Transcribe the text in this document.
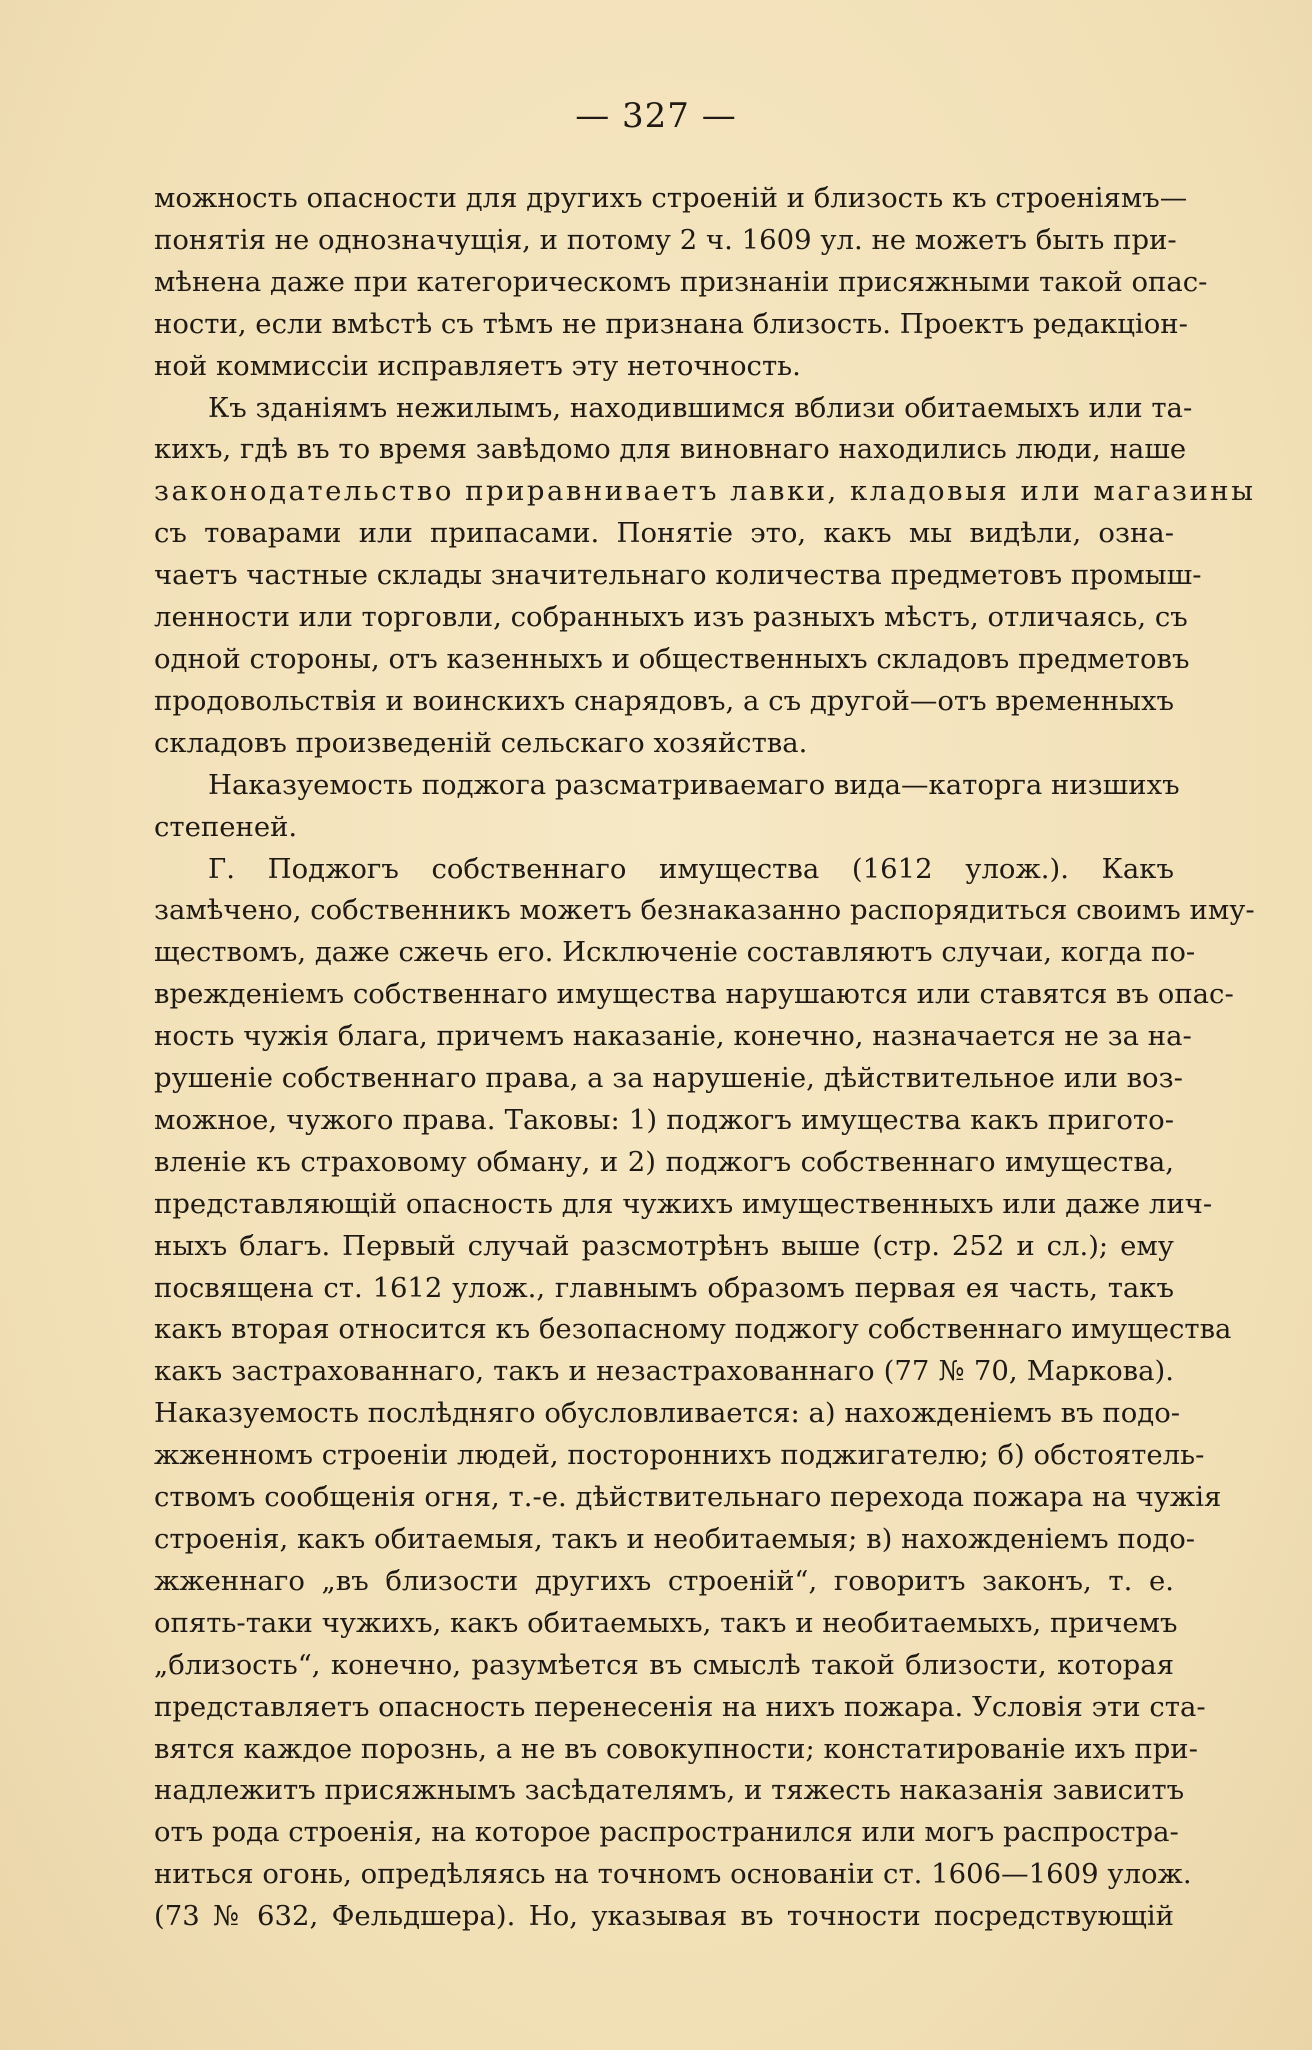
— 327 —

можность опасности для другихъ строеній и близость къ строеніямъ—
понятія не однозначущія, и потому 2 ч. 1609 ул. не можетъ быть при-
мѣнена даже при категорическомъ признаніи присяжными такой опас-
ности, если вмѣстѣ съ тѣмъ не признана близость. Проектъ редакціон-
ной коммиссіи исправляетъ эту неточность.

Къ зданіямъ нежилымъ, находившимся вблизи обитаемыхъ или та-
кихъ, гдѣ въ то время завѣдомо для виновнаго находились люди, наше
законодательство приравниваетъ лавки, кладовыя или магазины
съ товарами или припасами. Понятіе это, какъ мы видѣли, озна-
чаетъ частные склады значительнаго количества предметовъ промыш-
ленности или торговли, собранныхъ изъ разныхъ мѣстъ, отличаясь, съ
одной стороны, отъ казенныхъ и общественныхъ складовъ предметовъ
продовольствія и воинскихъ снарядовъ, а съ другой—отъ временныхъ
складовъ произведеній сельскаго хозяйства.

Наказуемость поджога разсматриваемаго вида—каторга низшихъ
степеней.

Г. Поджогъ собственнаго имущества (1612 улож.). Какъ
замѣчено, собственникъ можетъ безнаказанно распорядиться своимъ иму-
ществомъ, даже сжечь его. Исключеніе составляютъ случаи, когда по-
врежденіемъ собственнаго имущества нарушаются или ставятся въ опас-
ность чужія блага, причемъ наказаніе, конечно, назначается не за на-
рушеніе собственнаго права, а за нарушеніе, дѣйствительное или воз-
можное, чужого права. Таковы: 1) поджогъ имущества какъ пригото-
вленіе къ страховому обману, и 2) поджогъ собственнаго имущества,
представляющій опасность для чужихъ имущественныхъ или даже лич-
ныхъ благъ. Первый случай разсмотрѣнъ выше (стр. 252 и сл.); ему
посвящена ст. 1612 улож., главнымъ образомъ первая ея часть, такъ
какъ вторая относится къ безопасному поджогу собственнаго имущества
какъ застрахованнаго, такъ и незастрахованнаго (77 № 70, Маркова).
Наказуемость послѣдняго обусловливается: а) нахожденіемъ въ подо-
жженномъ строеніи людей, постороннихъ поджигателю; б) обстоятель-
ствомъ сообщенія огня, т.-е. дѣйствительнаго перехода пожара на чужія
строенія, какъ обитаемыя, такъ и необитаемыя; в) нахожденіемъ подо-
жженнаго „въ близости другихъ строеній“, говоритъ законъ, т. е.
опять-таки чужихъ, какъ обитаемыхъ, такъ и необитаемыхъ, причемъ
„близость“, конечно, разумѣется въ смыслѣ такой близости, которая
представляетъ опасность перенесенія на нихъ пожара. Условія эти ста-
вятся каждое порознь, а не въ совокупности; констатированіе ихъ при-
надлежитъ присяжнымъ засѣдателямъ, и тяжесть наказанія зависитъ
отъ рода строенія, на которое распространился или могъ распростра-
ниться огонь, опредѣляясь на точномъ основаніи ст. 1606—1609 улож.
(73 № 632, Фельдшера). Но, указывая въ точности посредствующій
